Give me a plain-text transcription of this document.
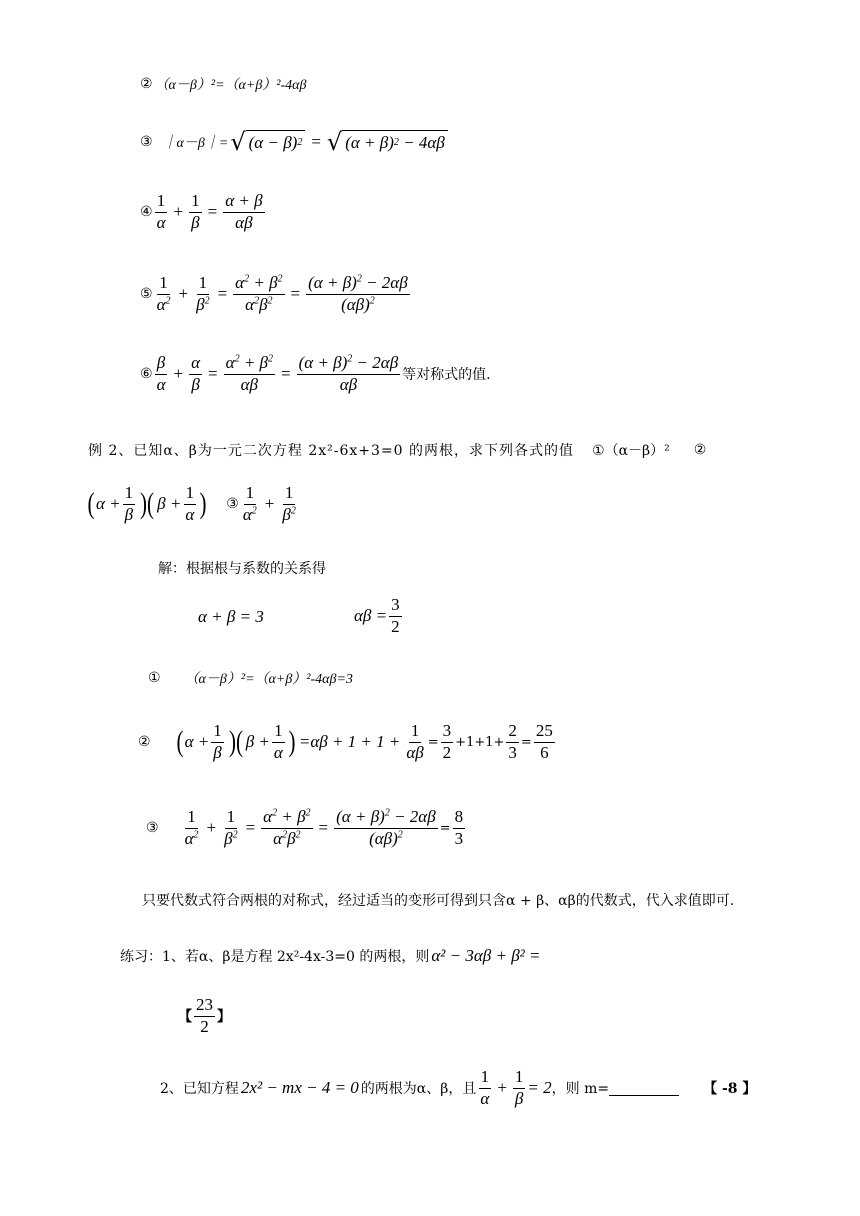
② （α－β）²=（α+β）²-4αβ
③ ｜α－β｜= √ (α − β) 2 = √ (α + β) 2 − 4αβ
④ $\frac{1}{\alpha} + \frac{1}{\beta} = \frac{\alpha + \beta}{\alpha\beta}$
⑤ $\frac{1}{\alpha^2} + \frac{1}{\beta^2} = \frac{\alpha^2 + \beta^2}{\alpha^2\beta^2} = \frac{(\alpha + \beta)^2 - 2\alpha\beta}{(\alpha\beta)^2}$
⑥ $\frac{\beta}{\alpha} + \frac{\alpha}{\beta} = \frac{\alpha^2 + \beta^2}{\alpha\beta} = \frac{(\alpha + \beta)^2 - 2\alpha\beta}{\alpha\beta}$ 等对称式的值.
例 2、已知α、β为一元二次方程 2x²-6x+3=0 的两根，求下列各式的值 ①（α－β）² ②
( $\alpha + \frac{1}{\beta}$ )( $\beta + \frac{1}{\alpha}$ ) ③ $\frac{1}{\alpha^2} + \frac{1}{\beta^2}$
解：根据根与系数的关系得
α + β = 3	$\alpha\beta = \frac{3}{2}$
① （α－β）²=（α+β）²-4αβ=3
② ( $\alpha + \frac{1}{\beta}$ )( $\beta + \frac{1}{\alpha}$ ) $=\alpha\beta + 1 + 1 + \frac{1}{\alpha\beta} = \frac{3}{2} +1+1+ \frac{2}{3} = \frac{25}{6}$
③ $\frac{1}{\alpha^2} + \frac{1}{\beta^2} = \frac{\alpha^2 + \beta^2}{\alpha^2\beta^2} = \frac{(\alpha + \beta)^2 - 2\alpha\beta}{(\alpha\beta)^2} = \frac{8}{3}$
只要代数式符合两根的对称式，经过适当的变形可得到只含α + β、αβ的代数式，代入求值即可.
练习：1、若α、β是方程 2x²-4x-3=0 的两根，则 α² − 3αβ + β² =
【 $\frac{23}{2}$ 】
2、已知方程 2x² − mx − 4 = 0 的两根为α、β，且 $\frac{1}{\alpha} + \frac{1}{\beta} = 2$ ，则 m=	【 -8 】
